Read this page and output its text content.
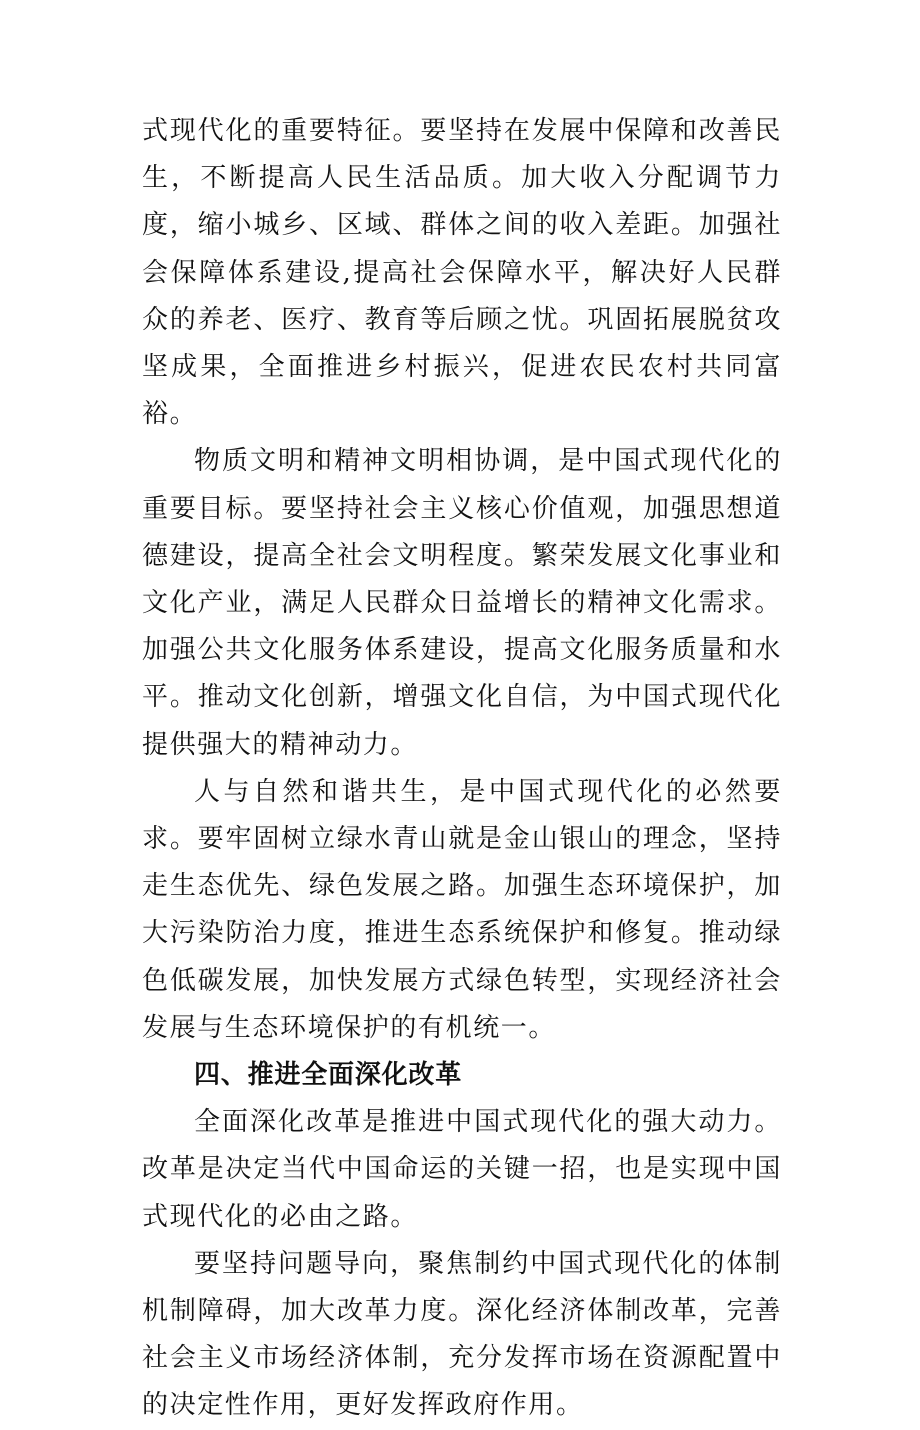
式现代化的重要特征。要坚持在发展中保障和改善民生，不断提高人民生活品质。加大收入分配调节力度，缩小城乡、区域、群体之间的收入差距。加强社会保障体系建设,提高社会保障水平，解决好人民群众的养老、医疗、教育等后顾之忧。巩固拓展脱贫攻坚成果，全面推进乡村振兴，促进农民农村共同富裕。

物质文明和精神文明相协调，是中国式现代化的重要目标。要坚持社会主义核心价值观，加强思想道德建设，提高全社会文明程度。繁荣发展文化事业和文化产业，满足人民群众日益增长的精神文化需求。加强公共文化服务体系建设，提高文化服务质量和水平。推动文化创新，增强文化自信，为中国式现代化提供强大的精神动力。

人与自然和谐共生，是中国式现代化的必然要求。要牢固树立绿水青山就是金山银山的理念，坚持走生态优先、绿色发展之路。加强生态环境保护，加大污染防治力度，推进生态系统保护和修复。推动绿色低碳发展，加快发展方式绿色转型，实现经济社会发展与生态环境保护的有机统一。

四、推进全面深化改革

全面深化改革是推进中国式现代化的强大动力。改革是决定当代中国命运的关键一招，也是实现中国式现代化的必由之路。

要坚持问题导向，聚焦制约中国式现代化的体制机制障碍，加大改革力度。深化经济体制改革，完善社会主义市场经济体制，充分发挥市场在资源配置中的决定性作用，更好发挥政府作用。
